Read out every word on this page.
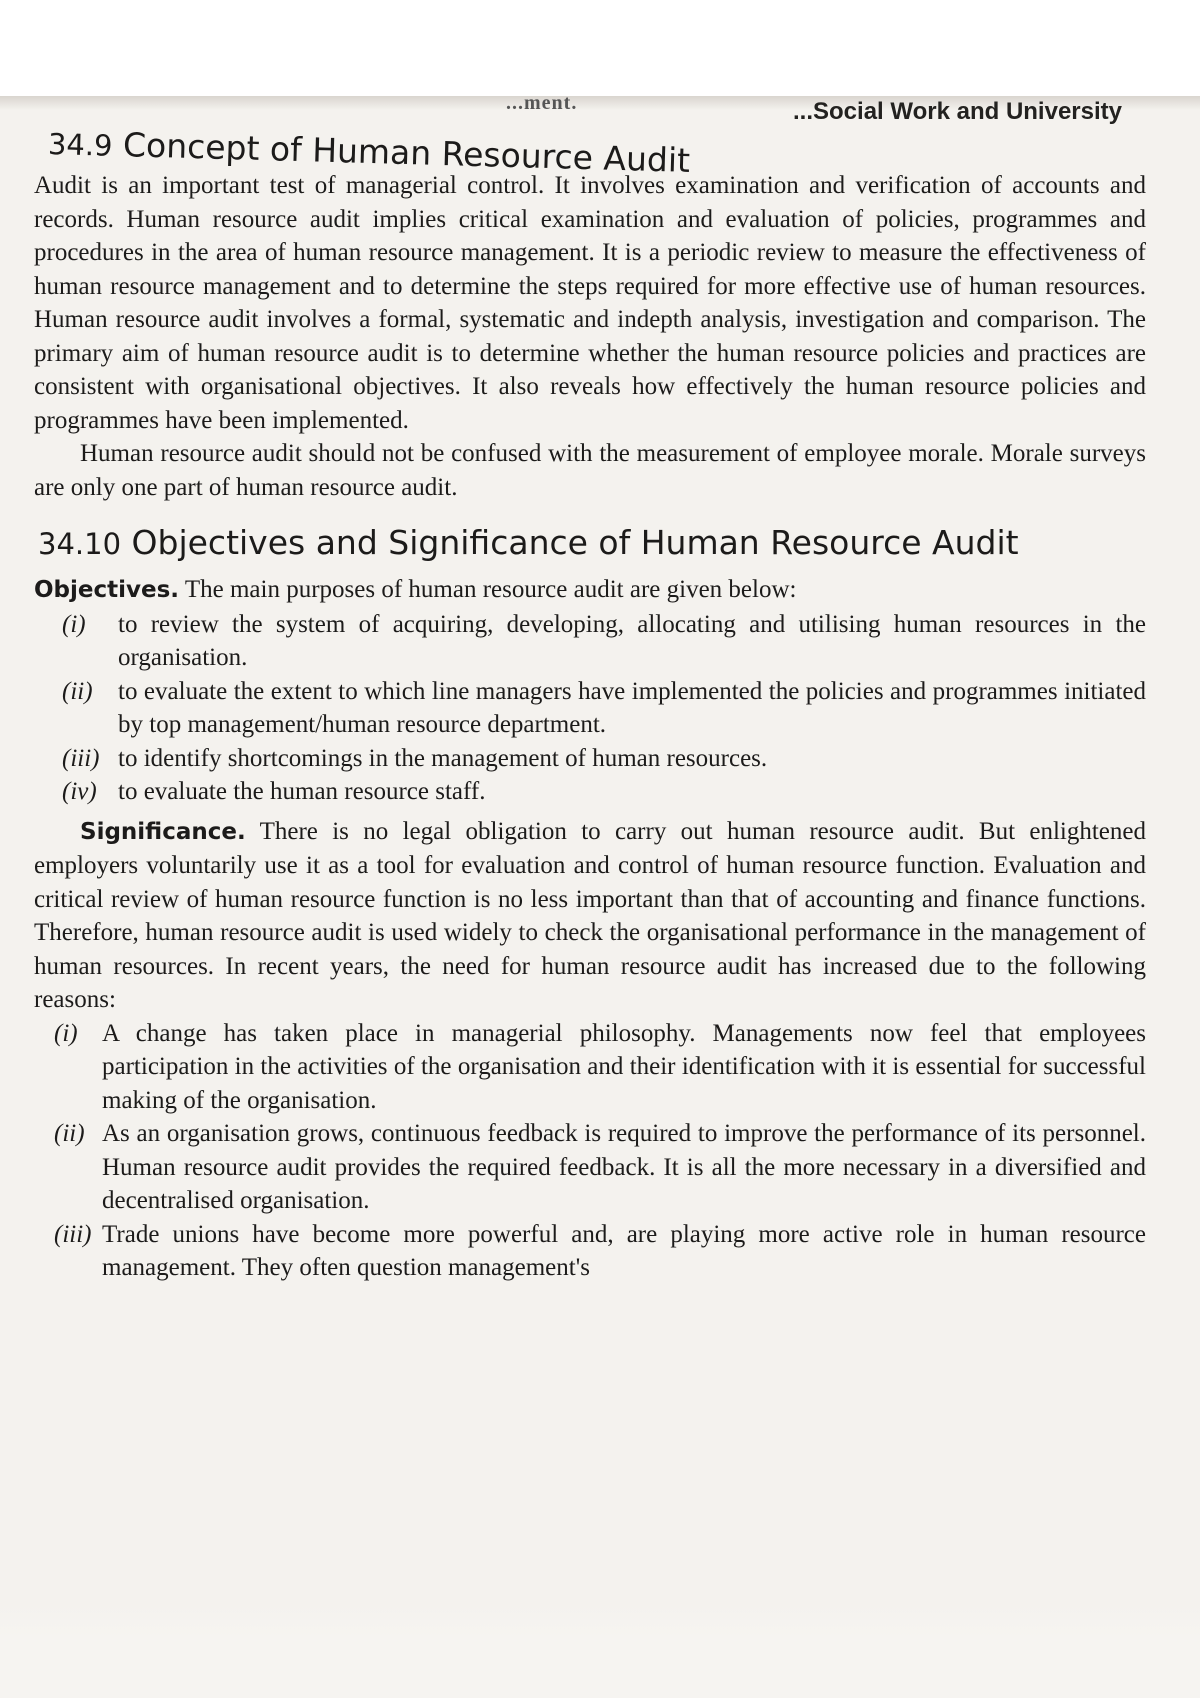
...ment.	...Social Work and University
34.9 Concept of Human Resource Audit

Audit is an important test of managerial control. It involves examination and verification of accounts and records. Human resource audit implies critical examination and evaluation of policies, programmes and procedures in the area of human resource management. It is a periodic review to measure the effectiveness of human resource management and to determine the steps required for more effective use of human resources. Human resource audit involves a formal, systematic and indepth analysis, investigation and comparison. The primary aim of human resource audit is to determine whether the human resource policies and practices are consistent with organisational objectives. It also reveals how effectively the human resource policies and programmes have been implemented.

Human resource audit should not be confused with the measurement of employee morale. Morale surveys are only one part of human resource audit.

34.10 Objectives and Significance of Human Resource Audit

Objectives. The main purposes of human resource audit are given below:

(i) to review the system of acquiring, developing, allocating and utilising human resources in the organisation.
(ii) to evaluate the extent to which line managers have implemented the policies and programmes initiated by top management/human resource department.
(iii) to identify shortcomings in the management of human resources.
(iv) to evaluate the human resource staff.

Significance. There is no legal obligation to carry out human resource audit. But enlightened employers voluntarily use it as a tool for evaluation and control of human resource function. Evaluation and critical review of human resource function is no less important than that of accounting and finance functions. Therefore, human resource audit is used widely to check the organisational performance in the management of human resources. In recent years, the need for human resource audit has increased due to the following reasons:

(i) A change has taken place in managerial philosophy. Managements now feel that employees participation in the activities of the organisation and their identification with it is essential for successful making of the organisation.
(ii) As an organisation grows, continuous feedback is required to improve the performance of its personnel. Human resource audit provides the required feedback. It is all the more necessary in a diversified and decentralised organisation.
(iii) Trade unions have become more powerful and, are playing more active role in human resource management. They often question management's
